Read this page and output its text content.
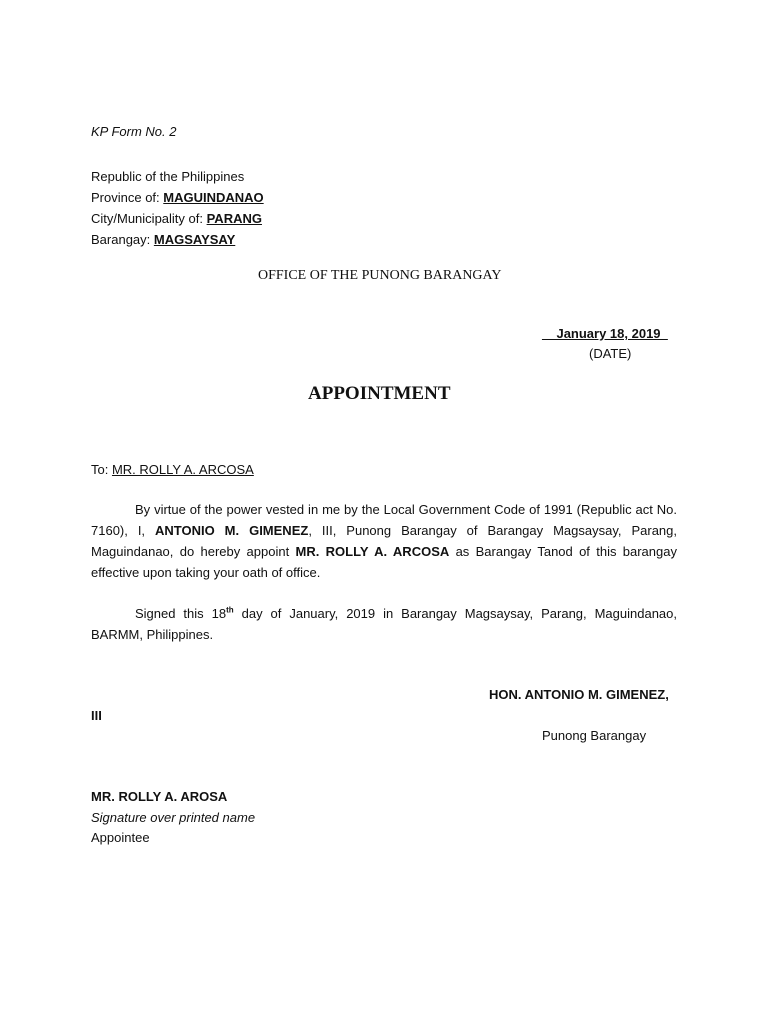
KP Form No. 2
Republic of the Philippines
Province of: MAGUINDANAO
City/Municipality of: PARANG
Barangay: MAGSAYSAY
OFFICE OF THE PUNONG BARANGAY
__January 18, 2019_
(DATE)
APPOINTMENT
To: MR. ROLLY A. ARCOSA
By virtue of the power vested in me by the Local Government Code of 1991 (Republic act No. 7160), I, ANTONIO M. GIMENEZ, III, Punong Barangay of Barangay Magsaysay, Parang, Maguindanao, do hereby appoint MR. ROLLY A. ARCOSA as Barangay Tanod of this barangay effective upon taking your oath of office.
Signed this 18th day of January, 2019 in Barangay Magsaysay, Parang, Maguindanao, BARMM, Philippines.
HON. ANTONIO M. GIMENEZ,
III
Punong Barangay
MR. ROLLY A. AROSA
Signature over printed name
Appointee
